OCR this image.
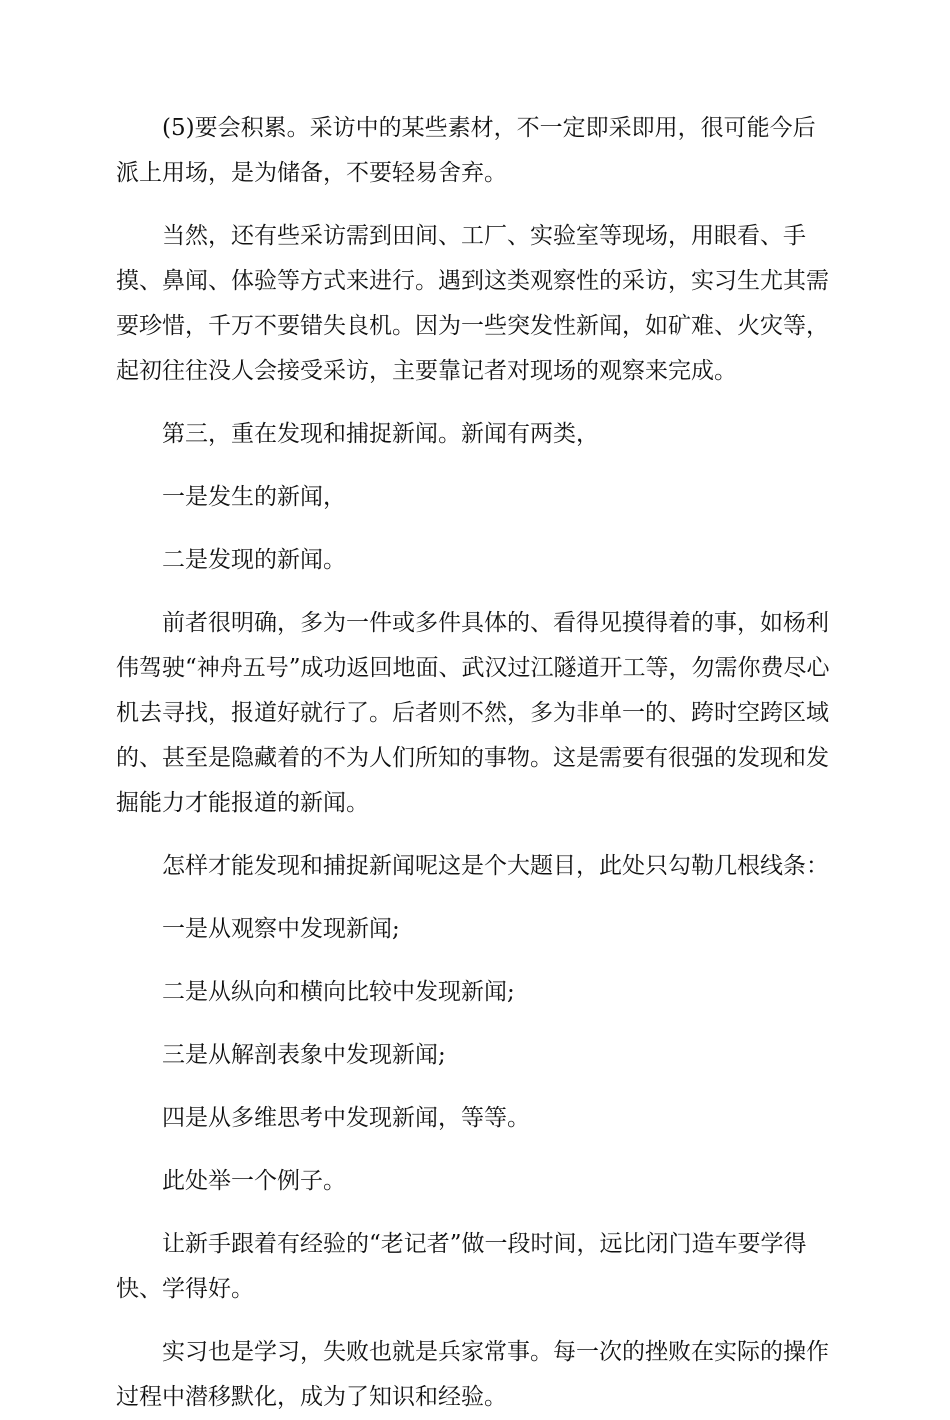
(5)要会积累。采访中的某些素材，不一定即采即用，很可能今后派上用场，是为储备，不要轻易舍弃。

当然，还有些采访需到田间、工厂、实验室等现场，用眼看、手摸、鼻闻、体验等方式来进行。遇到这类观察性的采访，实习生尤其需要珍惜，千万不要错失良机。因为一些突发性新闻，如矿难、火灾等，起初往往没人会接受采访，主要靠记者对现场的观察来完成。

第三，重在发现和捕捉新闻。新闻有两类，

一是发生的新闻，

二是发现的新闻。

前者很明确，多为一件或多件具体的、看得见摸得着的事，如杨利伟驾驶“神舟五号”成功返回地面、武汉过江隧道开工等，勿需你费尽心机去寻找，报道好就行了。后者则不然，多为非单一的、跨时空跨区域的、甚至是隐藏着的不为人们所知的事物。这是需要有很强的发现和发掘能力才能报道的新闻。

怎样才能发现和捕捉新闻呢这是个大题目，此处只勾勒几根线条：

一是从观察中发现新闻;

二是从纵向和横向比较中发现新闻;

三是从解剖表象中发现新闻;

四是从多维思考中发现新闻，等等。

此处举一个例子。

让新手跟着有经验的“老记者”做一段时间，远比闭门造车要学得快、学得好。

实习也是学习，失败也就是兵家常事。每一次的挫败在实际的操作过程中潜移默化，成为了知识和经验。
